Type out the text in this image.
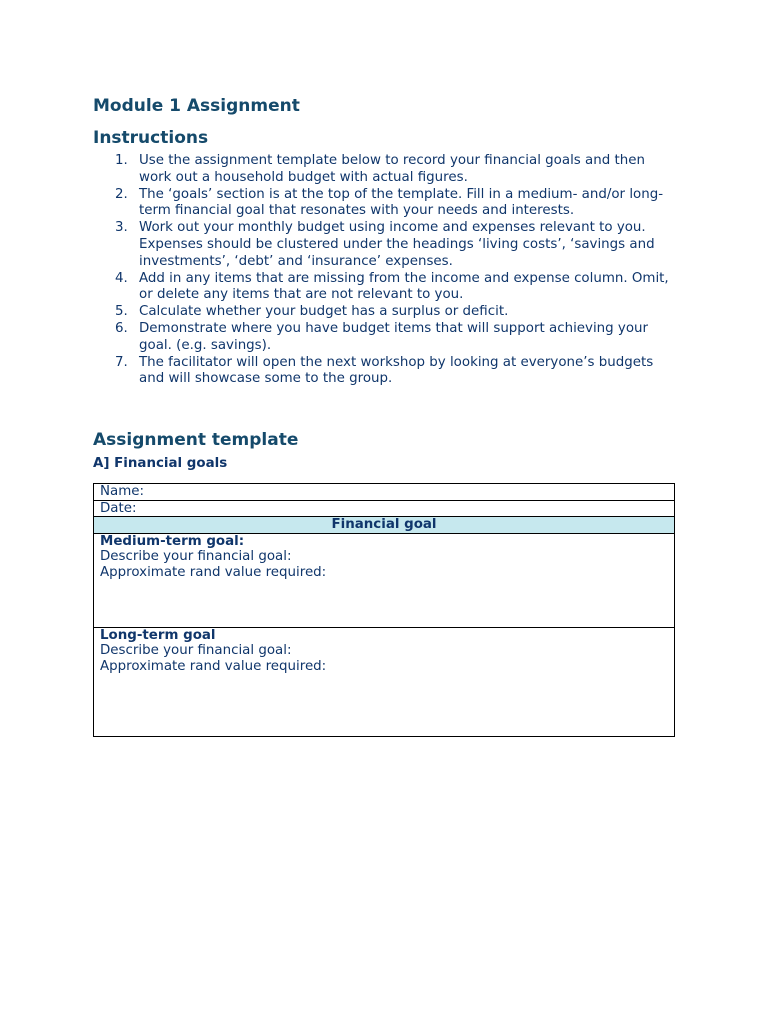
Module 1 Assignment
Instructions
1. Use the assignment template below to record your financial goals and then work out a household budget with actual figures.
2. The ‘goals’ section is at the top of the template. Fill in a medium- and/or long-term financial goal that resonates with your needs and interests.
3. Work out your monthly budget using income and expenses relevant to you. Expenses should be clustered under the headings ‘living costs’, ‘savings and investments’, ‘debt’ and ‘insurance’ expenses.
4. Add in any items that are missing from the income and expense column. Omit, or delete any items that are not relevant to you.
5. Calculate whether your budget has a surplus or deficit.
6. Demonstrate where you have budget items that will support achieving your goal. (e.g. savings).
7. The facilitator will open the next workshop by looking at everyone’s budgets and will showcase some to the group.
Assignment template
A] Financial goals
Name:
Date:
Financial goal

Medium-term goal:
Describe your financial goal:
Approximate rand value required:

Long-term goal
Describe your financial goal:
Approximate rand value required:
